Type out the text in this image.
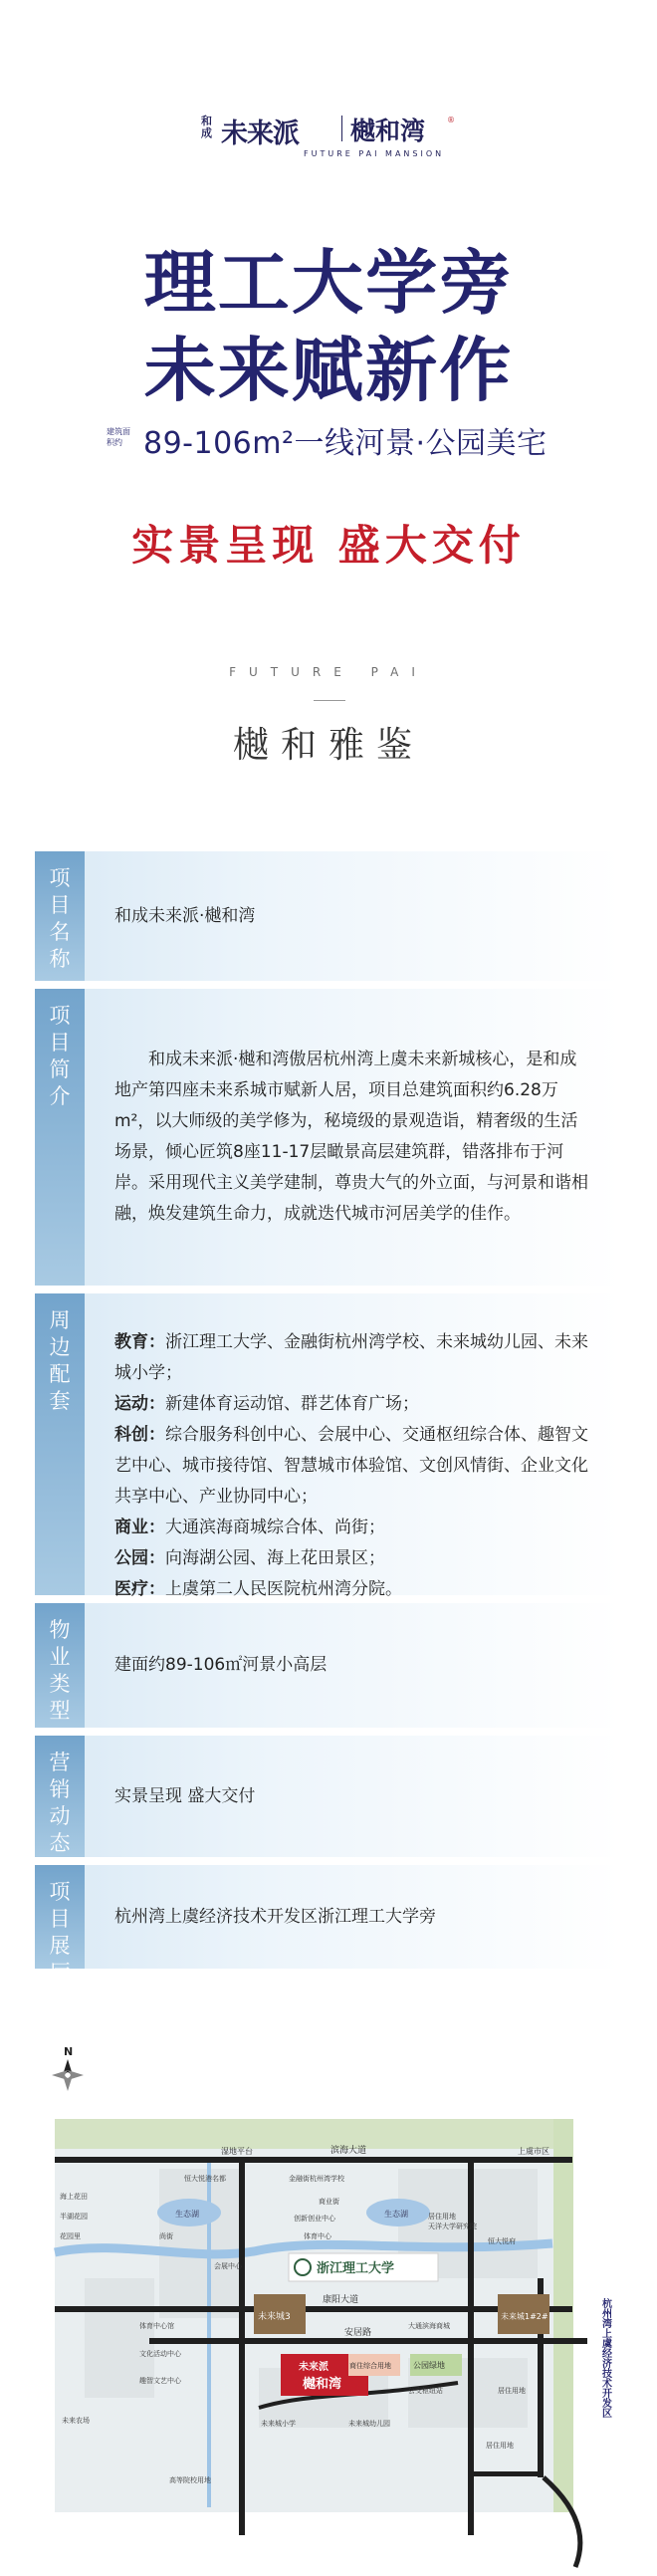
和成 未来派 樾和湾	®
FUTURE PAI MANSION
理工大学旁
未来赋新作
建筑面积约 89-106m²一线河景·公园美宅
实景呈现 盛大交付
FUTURE PAI
樾和雅鉴
项
目
名
称
和成未来派·樾和湾
项
目
简
介
和成未来派·樾和湾傲居杭州湾上虞未来新城核心，是和成地产第四座未来系城市赋新人居，项目总建筑面积约6.28万m²，以大师级的美学修为，秘境级的景观造诣，精奢级的生活场景，倾心匠筑8座11-17层瞰景高层建筑群，错落排布于河岸。采用现代主义美学建制，尊贵大气的外立面，与河景和谐相融，焕发建筑生命力，成就迭代城市河居美学的佳作。
周
边
配
套

教育：浙江理工大学、金融街杭州湾学校、未来城幼儿园、未来城小学；

运动：新建体育运动馆、群艺体育广场；

科创：综合服务科创中心、会展中心、交通枢纽综合体、趣智文艺中心、城市接待馆、智慧城市体验馆、文创风情街、企业文化共享中心、产业协同中心；

商业：大通滨海商城综合体、尚街；

公园：向海湖公园、海上花田景区；

医疗：上虞第二人民医院杭州湾分院。

物
业
类
型
建面约89-106㎡河景小高层
营
销
动
态
实景呈现 盛大交付
项
目
展
厅
杭州湾上虞经济技术开发区浙江理工大学旁
N
生态湖	生态湖
滨海大道
康阳大道
安居路
上虞市区
湿地平台
杭州湾上虞经济技术开发区
浙江理工大学
未来派
樾和湾
未来城3	未来城1#2#
公园绿地
商住综合用地
恒大悦港名都	金融街杭州湾学校
创新创业中心
体育中心
会展中心
海上花田
半湖花园
花园里
商业街
尚街
天洋大学研究院
恒大悦府
大通滨海商城
体育中心馆
文化活动中心
趣智文艺中心
未来城小学	未来城幼儿园
公交枢纽站	居住用地
未来农场
高等院校用地
居住用地
居住用地
